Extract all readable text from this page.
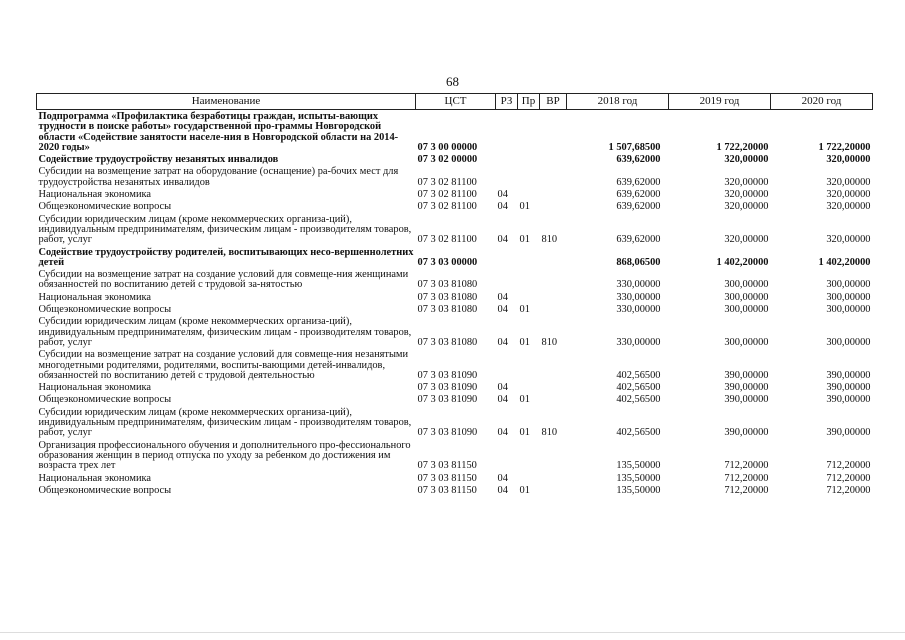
68
Наименование	ЦСТ	РЗ	Пр	ВР	2018 год	2019 год	2020 год
Подпрограмма «Профилактика безработицы граждан, испыты-вающих трудности в поиске работы» государственной про-граммы Новгородской области «Содействие занятости населе-ния в Новгородской области на 2014-2020 годы»	07 3 00 00000				1 507,68500	1 722,20000	1 722,20000
Содействие трудоустройству незанятых инвалидов	07 3 02 00000				639,62000	320,00000	320,00000
Субсидии на возмещение затрат на оборудование (оснащение) ра-бочих мест для трудоустройства незанятых инвалидов	07 3 02 81100				639,62000	320,00000	320,00000
Национальная экономика	07 3 02 81100	04			639,62000	320,00000	320,00000
Общеэкономические вопросы	07 3 02 81100	04	01		639,62000	320,00000	320,00000
Субсидии юридическим лицам (кроме некоммерческих организа-ций), индивидуальным предпринимателям, физическим лицам - производителям товаров, работ, услуг	07 3 02 81100	04	01	810	639,62000	320,00000	320,00000
Содействие трудоустройству родителей, воспитывающих несо-вершеннолетних детей	07 3 03 00000				868,06500	1 402,20000	1 402,20000
Субсидии на возмещение затрат на создание условий для совмеще-ния женщинами обязанностей по воспитанию детей с трудовой за-нятостью	07 3 03 81080				330,00000	300,00000	300,00000
Национальная экономика	07 3 03 81080	04			330,00000	300,00000	300,00000
Общеэкономические вопросы	07 3 03 81080	04	01		330,00000	300,00000	300,00000
Субсидии юридическим лицам (кроме некоммерческих организа-ций), индивидуальным предпринимателям, физическим лицам - производителям товаров, работ, услуг	07 3 03 81080	04	01	810	330,00000	300,00000	300,00000
Субсидии на возмещение затрат на создание условий для совмеще-ния незанятыми многодетными родителями, родителями, воспиты-вающими детей-инвалидов, обязанностей по воспитанию детей с трудовой деятельностью	07 3 03 81090				402,56500	390,00000	390,00000
Национальная экономика	07 3 03 81090	04			402,56500	390,00000	390,00000
Общеэкономические вопросы	07 3 03 81090	04	01		402,56500	390,00000	390,00000
Субсидии юридическим лицам (кроме некоммерческих организа-ций), индивидуальным предпринимателям, физическим лицам - производителям товаров, работ, услуг	07 3 03 81090	04	01	810	402,56500	390,00000	390,00000
Организация профессионального обучения и дополнительного про-фессионального образования женщин в период отпуска по уходу за ребенком до достижения им возраста трех лет	07 3 03 81150				135,50000	712,20000	712,20000
Национальная экономика	07 3 03 81150	04			135,50000	712,20000	712,20000
Общеэкономические вопросы	07 3 03 81150	04	01		135,50000	712,20000	712,20000
